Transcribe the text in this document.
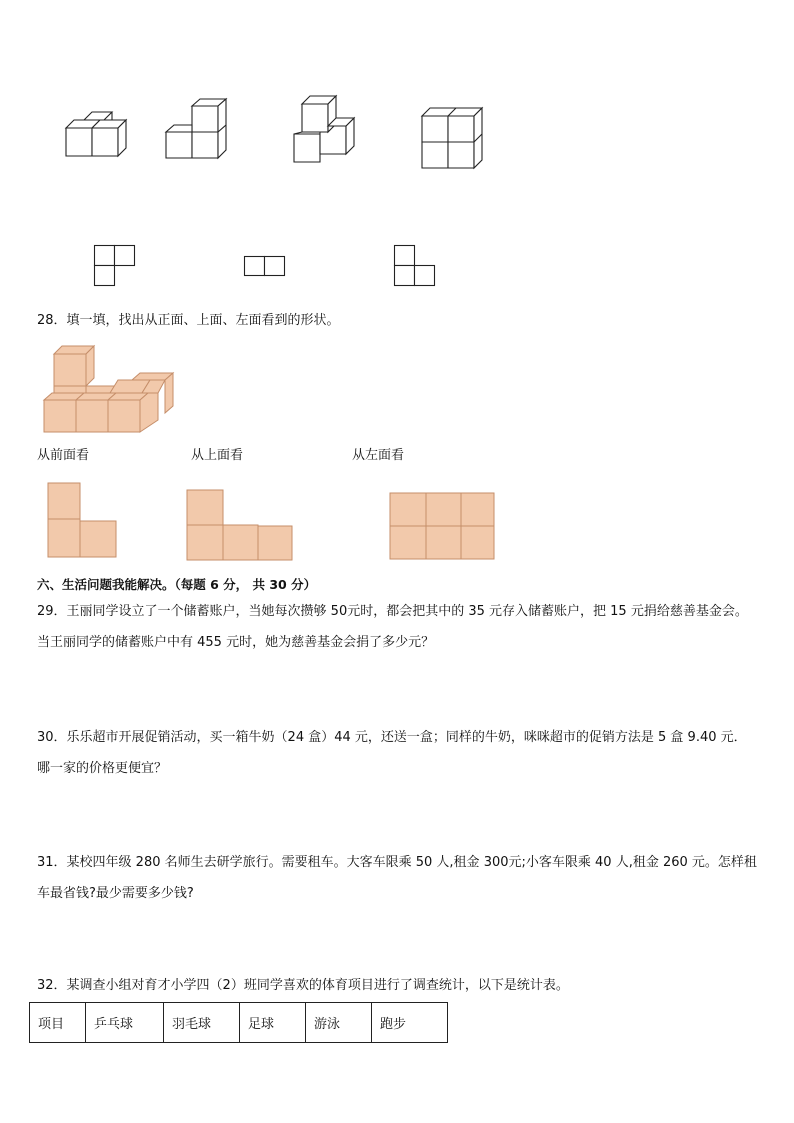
28．填一填，找出从正面、上面、左面看到的形状。
从前面看	从上面看	从左面看
六、生活问题我能解决。（每题 6 分， 共 30 分）
29．王丽同学设立了一个储蓄账户，当她每次攒够 50元时，都会把其中的 35 元存入储蓄账户，把 15 元捐给慈善基金会。当王丽同学的储蓄账户中有 455 元时，她为慈善基金会捐了多少元？
30．乐乐超市开展促销活动，买一箱牛奶（24 盒）44 元，还送一盒；同样的牛奶，咪咪超市的促销方法是 5 盒 9.40 元．哪一家的价格更便宜？
31．某校四年级 280 名师生去研学旅行。需要租车。大客车限乘 50 人,租金 300元;小客车限乘 40 人,租金 260 元。怎样租车最省钱?最少需要多少钱?
32．某调查小组对育才小学四（2）班同学喜欢的体育项目进行了调查统计，以下是统计表。
项目	乒乓球	羽毛球	足球	游泳	跑步
